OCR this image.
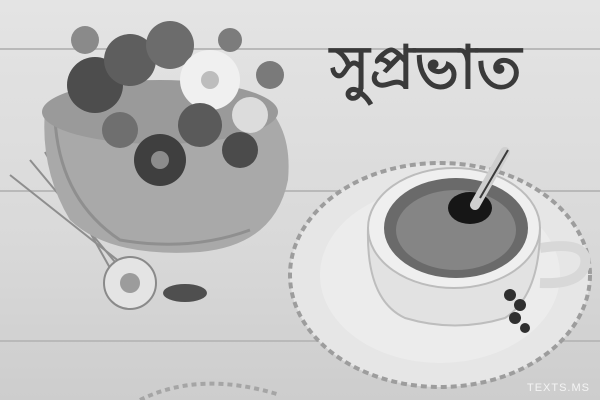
সুপ্রভাত
TEXTS.MS
